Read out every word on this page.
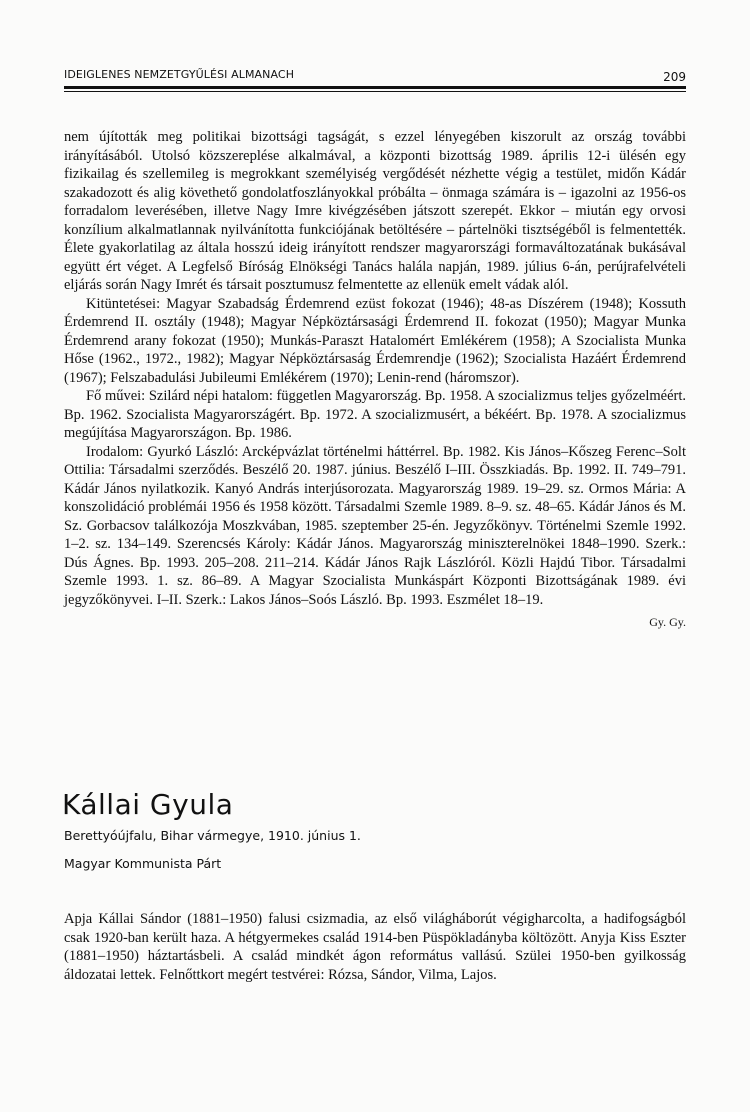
IDEIGLENES NEMZETGYŰLÉSI ALMANACH	209

nem újították meg politikai bizottsági tagságát, s ezzel lényegében kiszorult az ország további irányításából. Utolsó közszereplése alkalmával, a központi bizottság 1989. április 12-i ülésén egy fizikailag és szellemileg is megrokkant személyiség vergődését nézhette végig a testület, midőn Kádár szakadozott és alig követhető gondolatfoszlányokkal próbálta – önmaga számára is – igazolni az 1956-os forradalom leverésében, illetve Nagy Imre kivégzésében játszott szerepét. Ekkor – miután egy orvosi konzílium alkalmatlannak nyilvánította funkciójának betöltésére – pártelnöki tisztségéből is felmentették. Élete gyakorlatilag az általa hosszú ideig irányított rendszer magyarországi formaváltozatának bukásával együtt ért véget. A Legfelső Bíróság Elnökségi Tanács halála napján, 1989. július 6-án, perújrafelvételi eljárás során Nagy Imrét és társait posztumusz felmentette az ellenük emelt vádak alól.

Kitüntetései: Magyar Szabadság Érdemrend ezüst fokozat (1946); 48-as Díszérem (1948); Kossuth Érdemrend II. osztály (1948); Magyar Népköztársasági Érdemrend II. fokozat (1950); Magyar Munka Érdemrend arany fokozat (1950); Munkás-Paraszt Hatalomért Emlékérem (1958); A Szocialista Munka Hőse (1962., 1972., 1982); Magyar Népköztársaság Érdemrendje (1962); Szocialista Hazáért Érdemrend (1967); Felszabadulási Jubileumi Emlékérem (1970); Lenin-rend (háromszor).

Fő művei: Szilárd népi hatalom: független Magyarország. Bp. 1958. A szocializmus teljes győzelméért. Bp. 1962. Szocialista Magyarországért. Bp. 1972. A szocializmusért, a békéért. Bp. 1978. A szocializmus megújítása Magyarországon. Bp. 1986.

Irodalom: Gyurkó László: Arcképvázlat történelmi háttérrel. Bp. 1982. Kis János–Kőszeg Ferenc–Solt Ottilia: Társadalmi szerződés. Beszélő 20. 1987. június. Beszélő I–III. Összkiadás. Bp. 1992. II. 749–791. Kádár János nyilatkozik. Kanyó András interjúsorozata. Magyarország 1989. 19–29. sz. Ormos Mária: A konszolidáció problémái 1956 és 1958 között. Társadalmi Szemle 1989. 8–9. sz. 48–65. Kádár János és M. Sz. Gorbacsov találkozója Moszkvában, 1985. szeptember 25-én. Jegyzőkönyv. Történelmi Szemle 1992. 1–2. sz. 134–149. Szerencsés Károly: Kádár János. Magyarország miniszterelnökei 1848–1990. Szerk.: Dús Ágnes. Bp. 1993. 205–208. 211–214. Kádár János Rajk Lászlóról. Közli Hajdú Tibor. Társadalmi Szemle 1993. 1. sz. 86–89. A Magyar Szocialista Munkáspárt Központi Bizottságának 1989. évi jegyzőkönyvei. I–II. Szerk.: Lakos János–Soós László. Bp. 1993. Eszmélet 18–19.

Gy. Gy.
Kállai Gyula
Berettyóújfalu, Bihar vármegye, 1910. június 1.
Magyar Kommunista Párt

Apja Kállai Sándor (1881–1950) falusi csizmadia, az első világháborút végigharcolta, a hadifogságból csak 1920-ban került haza. A hétgyermekes család 1914-ben Püspökladányba költözött. Anyja Kiss Eszter (1881–1950) háztartásbeli. A család mindkét ágon református vallású. Szülei 1950-ben gyilkosság áldozatai lettek. Felnőttkort megért testvérei: Rózsa, Sándor, Vilma, Lajos.
